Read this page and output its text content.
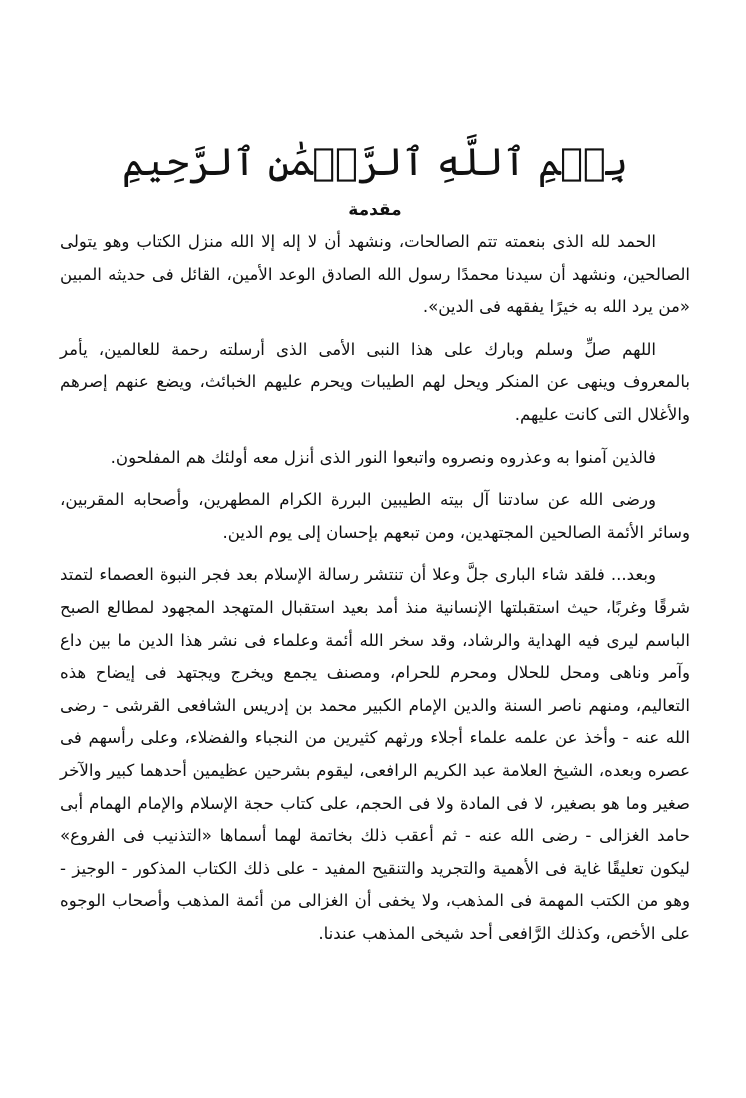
بِسۡمِ ٱللَّهِ ٱلرَّحۡمَٰنِ ٱلرَّحِيمِ
مقدمة

الحمد لله الذى بنعمته تتم الصالحات، ونشهد أن لا إله إلا الله منزل الكتاب وهو يتولى الصالحين، ونشهد أن سيدنا محمدًا رسول الله الصادق الوعد الأمين، القائل فى حديثه المبين «من يرد الله به خيرًا يفقهه فى الدين».

اللهم صلِّ وسلم وبارك على هذا النبى الأمى الذى أرسلته رحمة للعالمين، يأمر بالمعروف وينهى عن المنكر ويحل لهم الطيبات ويحرم عليهم الخبائث، ويضع عنهم إصرهم والأغلال التى كانت عليهم.

فالذين آمنوا به وعذروه ونصروه واتبعوا النور الذى أنزل معه أولئك هم المفلحون.

ورضى الله عن سادتنا آل بيته الطيبين البررة الكرام المطهرين، وأصحابه المقربين، وسائر الأئمة الصالحين المجتهدين، ومن تبعهم بإحسان إلى يوم الدين.

وبعد... فلقد شاء البارى جلَّ وعلا أن تنتشر رسالة الإسلام بعد فجر النبوة العصماء لتمتد شرقًا وغربًا، حيث استقبلتها الإنسانية منذ أمد بعيد استقبال المتهجد المجهود لمطالع الصبح الباسم ليرى فيه الهداية والرشاد، وقد سخر الله أئمة وعلماء فى نشر هذا الدين ما بين داع وآمر وناهى ومحل للحلال ومحرم للحرام، ومصنف يجمع ويخرج ويجتهد فى إيضاح هذه التعاليم، ومنهم ناصر السنة والدين الإمام الكبير محمد بن إدريس الشافعى القرشى - رضى الله عنه - وأخذ عن علمه علماء أجلاء ورثهم كثيرين من النجباء والفضلاء، وعلى رأسهم فى عصره وبعده، الشيخ العلامة عبد الكريم الرافعى، ليقوم بشرحين عظيمين أحدهما كبير والآخر صغير وما هو بصغير، لا فى المادة ولا فى الحجم، على كتاب حجة الإسلام والإمام الهمام أبى حامد الغزالى - رضى الله عنه - ثم أعقب ذلك بخاتمة لهما أسماها «التذنيب فى الفروع» ليكون تعليقًا غاية فى الأهمية والتجريد والتنقيح المفيد - على ذلك الكتاب المذكور - الوجيز - وهو من الكتب المهمة فى المذهب، ولا يخفى أن الغزالى من أئمة المذهب وأصحاب الوجوه على الأخص، وكذلك الرَّافعى أحد شيخى المذهب عندنا.
